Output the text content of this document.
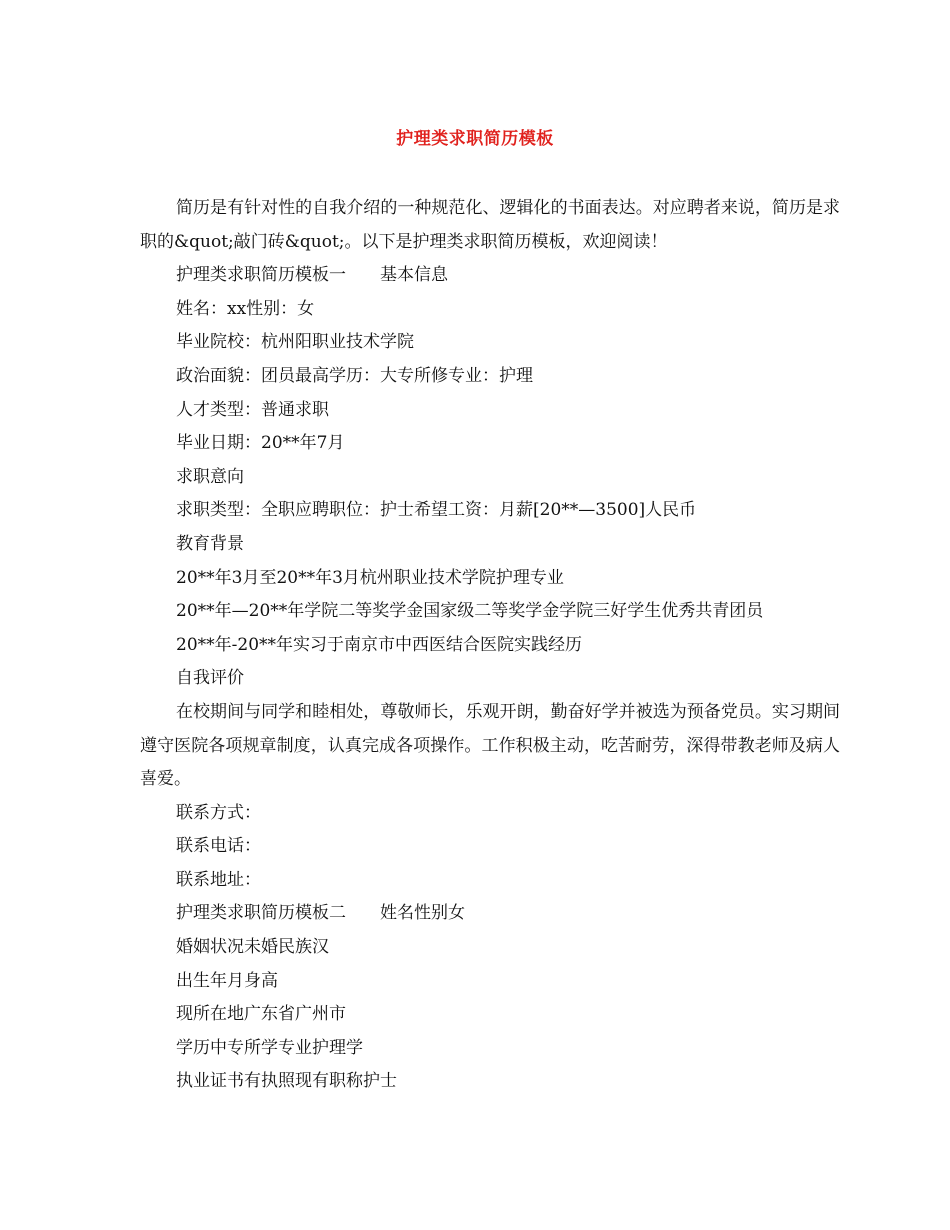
护理类求职简历模板

简历是有针对性的自我介绍的一种规范化、逻辑化的书面表达。对应聘者来说，简历是求职的&quot;敲门砖&quot;。以下是护理类求职简历模板，欢迎阅读！

护理类求职简历模板一　　基本信息

姓名：xx性别：女

毕业院校：杭州阳职业技术学院

政治面貌：团员最高学历：大专所修专业：护理

人才类型：普通求职

毕业日期：20**年7月

求职意向

求职类型：全职应聘职位：护士希望工资：月薪[20**—3500]人民币

教育背景

20**年3月至20**年3月杭州职业技术学院护理专业

20**年—20**年学院二等奖学金国家级二等奖学金学院三好学生优秀共青团员

20**年-20**年实习于南京市中西医结合医院实践经历

自我评价

在校期间与同学和睦相处，尊敬师长，乐观开朗，勤奋好学并被选为预备党员。实习期间遵守医院各项规章制度，认真完成各项操作。工作积极主动，吃苦耐劳，深得带教老师及病人喜爱。

联系方式：

联系电话：

联系地址：

护理类求职简历模板二　　姓名性别女

婚姻状况未婚民族汉

出生年月身高

现所在地广东省广州市

学历中专所学专业护理学

执业证书有执照现有职称护士
